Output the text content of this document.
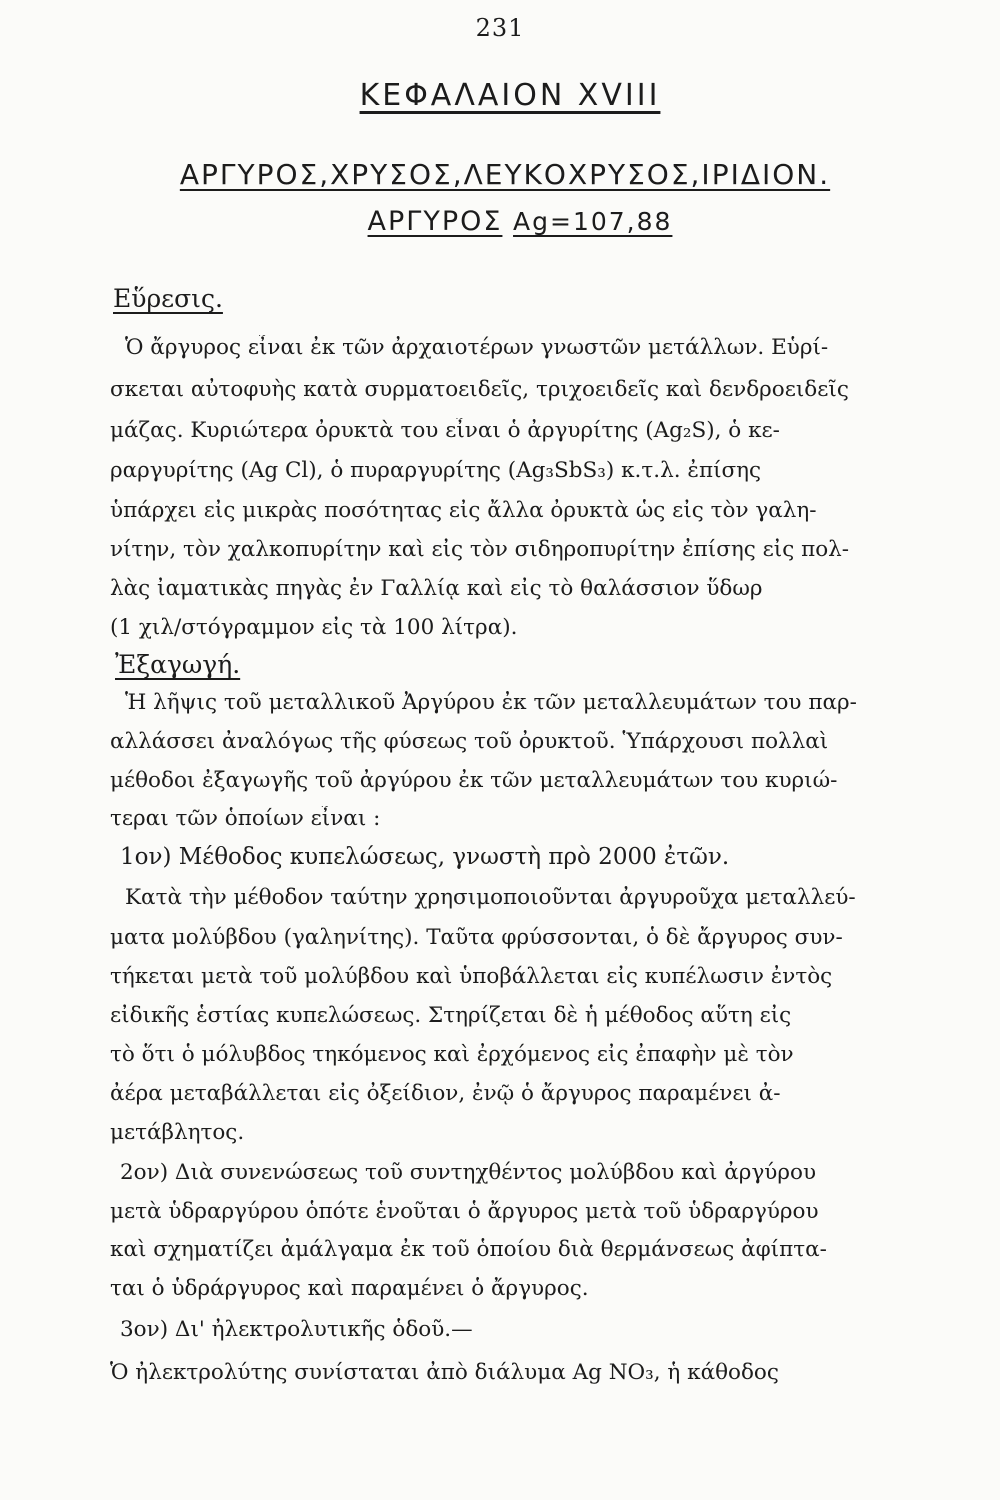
231
ΚΕΦΑΛΑΙΟΝ XVIII
ΑΡΓΥΡΟΣ,ΧΡΥΣΟΣ,ΛΕΥΚΟΧΡΥΣΟΣ,ΙΡΙΔΙΟΝ.
ΑΡΓΥΡΟΣ Ag=107,88
Εὕρεσις.
Ὁ ἄργυρος εἶναι ἐκ τῶν ἀρχαιοτέρων γνωστῶν μετάλλων. Εὑρί-
σκεται αὐτοφυὴς κατὰ συρματοειδεῖς, τριχοειδεῖς καὶ δενδροειδεῖς
μάζας. Κυριώτερα ὀρυκτὰ του εἶναι ὁ ἀργυρίτης (Ag₂S), ὁ κε-
ραργυρίτης (Ag Cl), ὁ πυραργυρίτης (Ag₃SbS₃) κ.τ.λ. ἐπίσης
ὑπάρχει εἰς μικρὰς ποσότητας εἰς ἄλλα ὀρυκτὰ ὡς εἰς τὸν γαλη-
νίτην, τὸν χαλκοπυρίτην καὶ εἰς τὸν σιδηροπυρίτην ἐπίσης εἰς πολ-
λὰς ἰαματικὰς πηγὰς ἐν Γαλλίᾳ καὶ εἰς τὸ θαλάσσιον ὕδωρ
(1 χιλ/στόγραμμον εἰς τὰ 100 λίτρα).
Ἐξαγωγή.
Ἡ λῆψις τοῦ μεταλλικοῦ Ἀργύρου ἐκ τῶν μεταλλευμάτων του παρ-
αλλάσσει ἀναλόγως τῆς φύσεως τοῦ ὀρυκτοῦ. Ὑπάρχουσι πολλαὶ
μέθοδοι ἐξαγωγῆς τοῦ ἀργύρου ἐκ τῶν μεταλλευμάτων του κυριώ-
τεραι τῶν ὁποίων εἶναι :
1ον) Μέθοδος κυπελώσεως, γνωστὴ πρὸ 2000 ἐτῶν.
Κατὰ τὴν μέθοδον ταύτην χρησιμοποιοῦνται ἀργυροῦχα μεταλλεύ-
ματα μολύβδου (γαληνίτης). Ταῦτα φρύσσονται, ὁ δὲ ἄργυρος συν-
τήκεται μετὰ τοῦ μολύβδου καὶ ὑποβάλλεται εἰς κυπέλωσιν ἐντὸς
εἰδικῆς ἑστίας κυπελώσεως. Στηρίζεται δὲ ἡ μέθοδος αὕτη εἰς
τὸ ὅτι ὁ μόλυβδος τηκόμενος καὶ ἐρχόμενος εἰς ἐπαφὴν μὲ τὸν
ἀέρα μεταβάλλεται εἰς ὀξείδιον, ἐνῷ ὁ ἄργυρος παραμένει ἀ-
μετάβλητος.
2ον) Διὰ συνενώσεως τοῦ συντηχθέντος μολύβδου καὶ ἀργύρου
μετὰ ὑδραργύρου ὁπότε ἑνοῦται ὁ ἄργυρος μετὰ τοῦ ὑδραργύρου
καὶ σχηματίζει ἀμάλγαμα ἐκ τοῦ ὁποίου διὰ θερμάνσεως ἀφίπτα-
ται ὁ ὑδράργυρος καὶ παραμένει ὁ ἄργυρος.
3ον) Δι' ἠλεκτρολυτικῆς ὁδοῦ.—
Ὁ ἠλεκτρολύτης συνίσταται ἀπὸ διάλυμα Ag NO₃, ἡ κάθοδος
